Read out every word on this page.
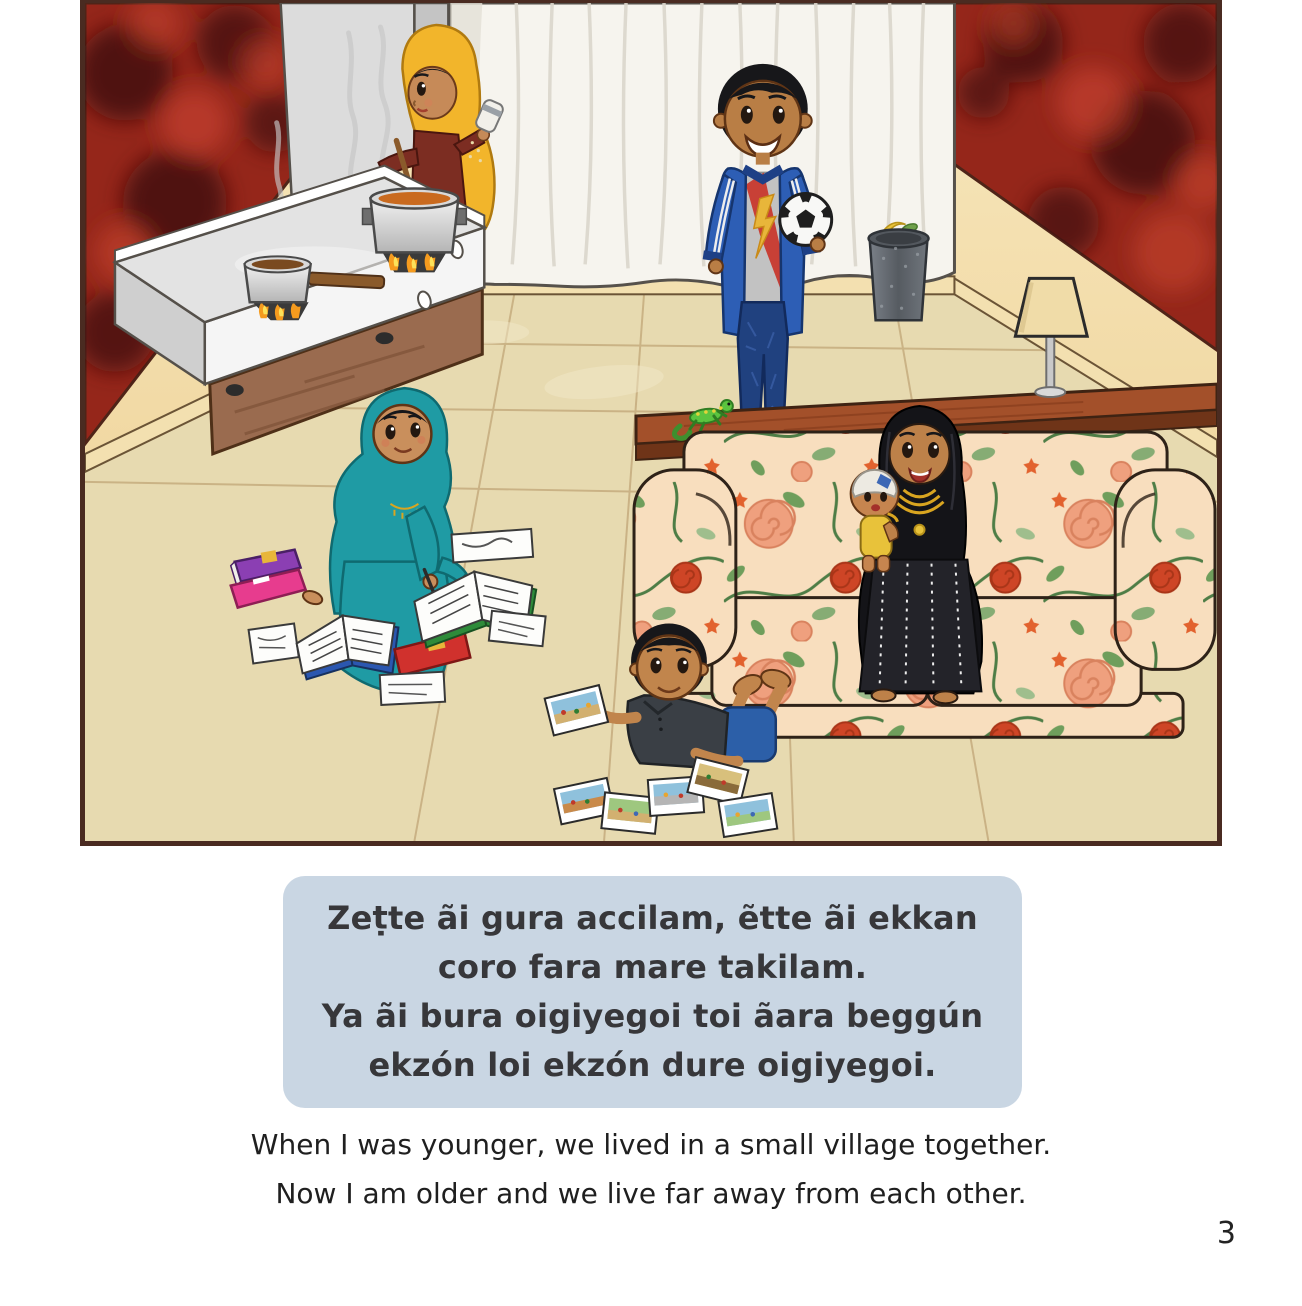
Zeṭte ãi gura accilam, ẽtte ãi ekkan
coro fara mare takilam.
Ya ãi bura oigiyegoi toi ãara beggún
ekzón loi ekzón dure oigiyegoi.
When I was younger, we lived in a small village together.
Now I am older and we live far away from each other.
3
